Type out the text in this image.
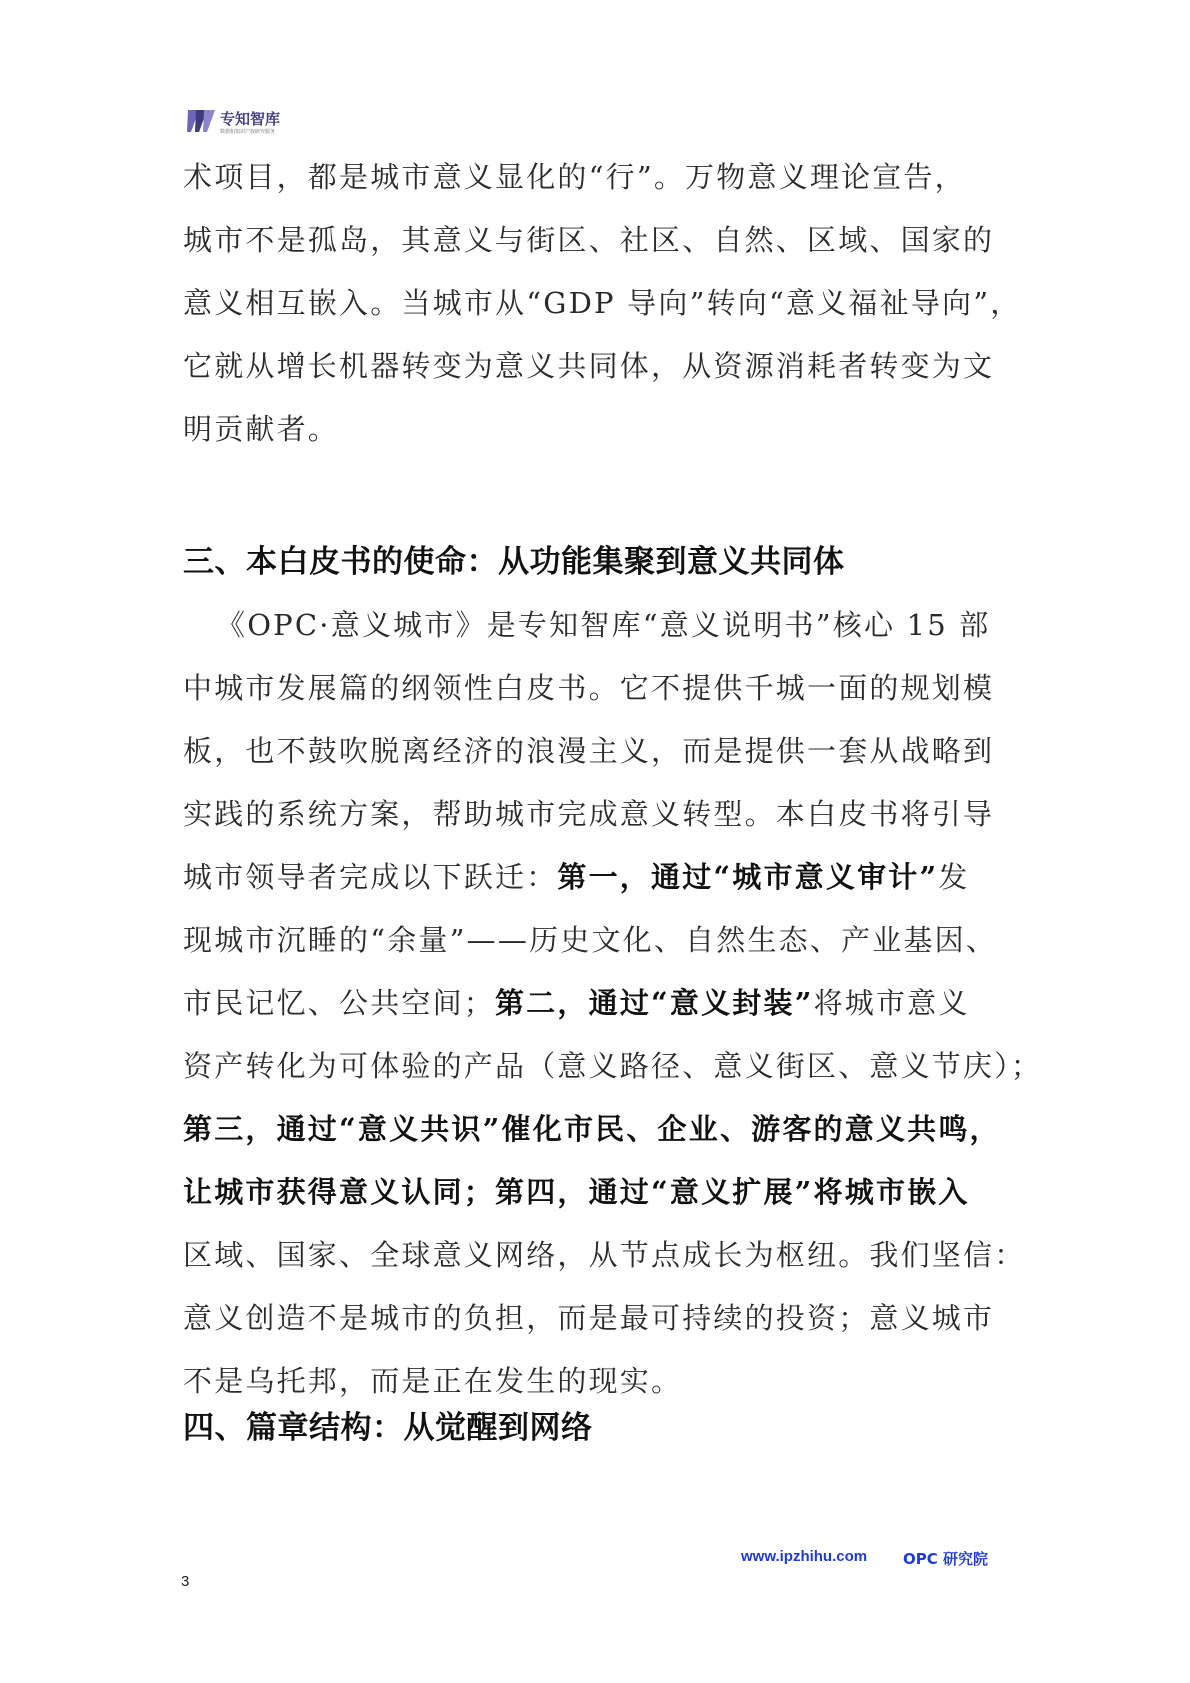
专知智库
数据和知识产权研究服务
术项目，都是城市意义显化的“行”。万物意义理论宣告，
城市不是孤岛，其意义与街区、社区、自然、区域、国家的
意义相互嵌入。当城市从“GDP 导向”转向“意义福祉导向”，
它就从增长机器转变为意义共同体，从资源消耗者转变为文
明贡献者。
三、本白皮书的使命：从功能集聚到意义共同体
《OPC·意义城市》是专知智库“意义说明书”核心 15 部
中城市发展篇的纲领性白皮书。它不提供千城一面的规划模
板，也不鼓吹脱离经济的浪漫主义，而是提供一套从战略到
实践的系统方案，帮助城市完成意义转型。本白皮书将引导
城市领导者完成以下跃迁：第一，通过“城市意义审计”发
现城市沉睡的“余量”——历史文化、自然生态、产业基因、
市民记忆、公共空间；第二，通过“意义封装”将城市意义
资产转化为可体验的产品（意义路径、意义街区、意义节庆）；
第三，通过“意义共识”催化市民、企业、游客的意义共鸣，
让城市获得意义认同；第四，通过“意义扩展”将城市嵌入
区域、国家、全球意义网络，从节点成长为枢纽。我们坚信：
意义创造不是城市的负担，而是最可持续的投资；意义城市
不是乌托邦，而是正在发生的现实。
四、篇章结构：从觉醒到网络
www.ipzhihu.com OPC 研究院
3
